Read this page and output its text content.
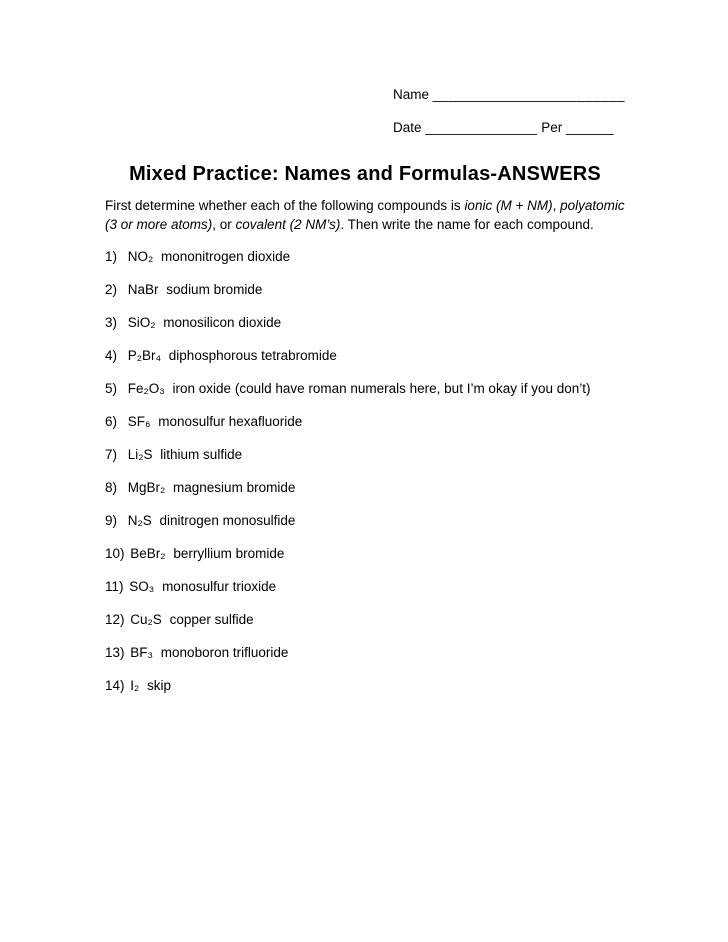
Name ________________________
Date ______________ Per ______
Mixed Practice: Names and Formulas-ANSWERS

First determine whether each of the following compounds is ionic (M + NM), polyatomic (3 or more atoms), or covalent (2 NM’s). Then write the name for each compound.

1) NO₂ mononitrogen dioxide
2) NaBr sodium bromide
3) SiO₂ monosilicon dioxide
4) P₂Br₄ diphosphorous tetrabromide
5) Fe₂O₃ iron oxide (could have roman numerals here, but I’m okay if you don’t)
6) SF₆ monosulfur hexafluoride
7) Li₂S lithium sulfide
8) MgBr₂ magnesium bromide
9) N₂S dinitrogen monosulfide
10) BeBr₂ berryllium bromide
11) SO₃ monosulfur trioxide
12) Cu₂S copper sulfide
13) BF₃ monoboron trifluoride
14) I₂ skip
